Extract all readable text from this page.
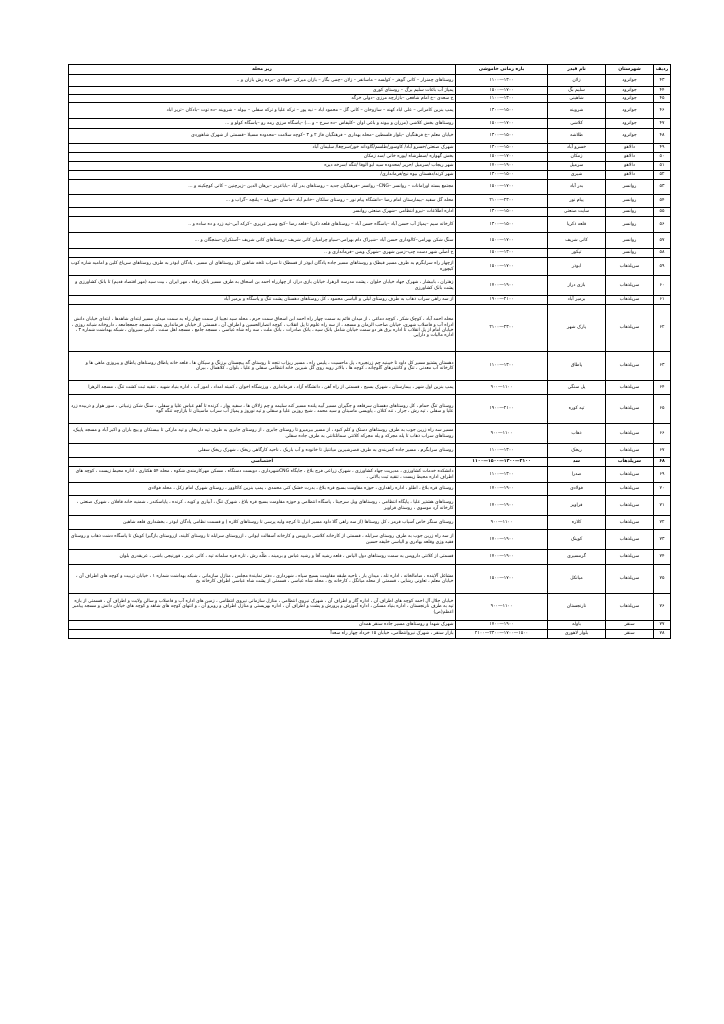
ردیف	شهرستان	نام فیدر	بازه زمانی خاموشی	زیر محله
۴۳	جوانرود	زلان	۱۳۰۰—۱۱۰۰	روستاهای چمنزار – کانی گوهر – کولسه – ماسانفر – زلان –چمی بگار – بازان میرکی –فولادی –برده رش بازان و ..
۴۴	جوانرود	سلیم بگ	۱۷۰۰—۱۵۰۰	پمپاژ آب باغات سلیم برگ – روستای کوری
۴۵	جوانرود	شاهینی	۱۳۰۰—۱۱۰۰	خ سعدی –خ امام شافعی –بازارچه مرزی –دولی خرگه
۴۶	جوانرود	شروینه	۱۵۰۰—۱۳۰۰	پمپ بنزین کامرانی – علی اباد کهنه – سازوخان – کانی گل – محمود اباد – نیه پور – ترکه علیا و ترکه سفلی – بیوله – شروینه –ده توت –بادکان –تزیز اباد
۴۷	جوانرود	کلاشی	۱۷۰۰—۱۵۰۰	روستاهای بخش کلاشی (مزران و بیوند و باغی اوان –کلیفاس –ده سرخ – و ...) –پاسگاه مرزی رمه رو –پاسگاه کولو و ...
۴۸	جوانرود	طلاشه	۱۵۰۰—۱۳۰۰	خیابان معلم –خ فرهنگیان –بلوار فلسطین –محله بهداری – فرهنگیان فاز ۲ و ۳ –کوچه سلامت –محدوده مسیلا –قسمتی از شهرک شاهوردی
۴۹	دالاهو	خسرو آباد	۱۵۰۰—۱۳۰۰	شهرک صنعتی/خسرو آباد/ کاوسور/طلسم/گاودانه خور/سرچغا/ سلیمان آباد
۵۰	دالاهو	زمکان	۱۷۰۰—۱۵۰۰	بخش گهواره /سطرشاه /پوره خانی /سد زمکان
۵۱	دالاهو	سرمیل	۱۹۰۰—۱۷۰۰	شهر ریجاب /سرمیل /حریر /محدوده سید ابو الوفا /تنگه /سرخه دیزه
۵۲	دالاهو	شیری	۱۵۰۰—۱۳۰۰	شهر کرند/دهستان بیوه نیج/فرمانداری/
۵۳	روانسر	بدر آباد	۱۷۰۰—۱۵۰۰	مجتمع بسته اورامانات – روانسر –CNG– روانسر –فرهنگیان جدید – روستاهای بدر آباد –باباعزیز –برهان الدین –زیرچنین – کانی کوچکینه و ...
۵۴	روانسر	پیام نور	۲۳۰۰—۲۱۰۰	محله گل سفید –بیمارستان امام رضا –دانشگاه پیام نور – روستای سلکان –خانم آباد –ماسان –قوریله – پلنچه –گراب و ...
۵۵	روانسر	سایت صنعتی	۱۵۰۰—۱۳۰۰	اداره اطلاعات –نیرو انتظامی –شهرک صنعتی روانسر
۵۶	روانسر	قلعه ذکریا	۱۵۰۰—۱۳۰۰	کارخانه سیم –پمپاژ آب حسن آباد –پاسگاه حسن آباد – روستاهای قلعه ذکریا –قلعه رضا –کیچ وسیر عزیزی –کرکه آبی–تپه زرد و ده ساده و ..
۵۷	روانسر	کانی شریف	۱۷۰۰—۱۵۰۰	سنگ شکن بهرامی–کالوداری حسن آباد –شیراک دام بهرامی–سیاو چرامیان کانی شریف –روستاهای کانی شریف –آستکران–سنجگان و ...
۵۸	روانسر	تیکور	۱۳۰۰—۱۵۰۰	خ اصلی شهر دست چپ–زمین شهری –شهرک ویس –فرمانداری و ..
۵۹	سرپلذهاب	ابوذر	۱۷۰۰—۱۵۰۰	ازچهار راه سرابگرم به طرف مسیر قبطک و روستاهای مسیر جاده پادگان ابوذر از قسطک تا سراب تلخه شاهین کل روستاهای ان مسیر ، پادگان ابوذر به طرف روستاهای سرپاع کلین و امامیه شاره کوب کیچوره
۶۰	سرپلذهاب	بازی دراز	۱۹۰۰—۱۷۰۰	زهتران ، بابیشار ، شهرک جهاد خیابان حلوان ، پشت مدرسه الزهرا، خیابان بازی دراز، از چهارراه احمد بن اسحاق به طرف مسیر بانک رفاه ، مهر ایران ، بیت سید (مهر اقتصاد قدیم) تا بانک کشاورزی و پشت بانک کشاورزی
۶۱	سرپلذهاب	بزمیر آباد	۲۱۰۰—۱۹۰۰	از سه راهی سراب ذهاب به طرف روستای لیلی و الیاسی محمود ، کل روستاهای دهستان پشت تنگ و پاسگاه و بزمیر آباد
۶۲	سرپلذهاب	پارک شهر	۲۳۰۰—۲۱۰۰	محله احمد آباد ، کوچک شکر ، کوچه دماغی ، از میدان قائم به سمت چهار راه احمد ابن اسحاق سمت حرم ، محله سید نجیبا از سمت چهار راه به سمت میدان مسیر ابتدای شاهدها ، ابتدای خیابان دانش ادراه آب و فاضلاب شهری، خیابان صاحب الزمان و مسجد ، از سه راه علوم تا پل انقلاب ، کوچه انصارالحسین و اطراف آن ، قسمتی از خیابان فرمانداری پشت مسجد جمعجامعه ، داروخانه شبانه روزی ، خیابان امام از پل انقلاب تا اداره برق هر دو سمت خیابان شامل بانک سپه ، بانک صادرات ، بانک ملت ، سه راه شاه عباسی ، مسجد جامع ، مسجد اهل سنت ، کبابی سیروان ، شبکه بهداشت شماره ۳ ، اداره مالیات و دارایی
۶۳	سرپلذهاب	پاطاق	۱۳۰۰—۱۱۰۰	دهستان پشتیو مسیر کل داود تا خیبنیه چم زرنجیره ، پل ماحسیت ، پلیس راه ، مسیر ریژاب تنجه تا روستای گه پیچستان برزنگ و سیکان ها ، قلعه خانه پاطاق روستاهای پاطاق و پیروزی ماهی ها و کارخانه آب معدنی ، تنگ و کانتینرهای گلوچانه ، کوچه ها ، بالاتر روبه روی گل شیرین خانه انتظامی سفلی و علیا ، بلوان ، کلاهمال ، بیران
۶۴	سرپلذهاب	پل سنگی	۱۱۰۰—۹۰۰	پمپ بنزین اول شهر ، بیمارستان ، شهرک بسیج ، قسمتی از راه آهن ، دانشگاه آزاد ، فرمانداری ، ورزشگاه اخوان ، کمیته امداد ، امور آب ، اداره بنیاد شهید ، تنقیه ثبت کشت تنگ ، مسجد الزهرا
۶۵	سرپلذهاب	تپه کوره	۲۱۰۰—۱۹۰۰	روستای تنگ حمام ، کل روستاهای دهستان سرقلعه و جگیران مسیر آبیه پلنده مسیر کنه سلیمه و چم زلالان ها ، سفید پوار ، کرنده تا آهم عباس علیا و سفلی ، سنگ شکن زنبیاتی ، سور هوار و ذربیده زرد علیا و سفلی ، تپه رش ، جرار ، تنه کنلان ، پاویسی ماسیتان و سید محمد ، شیخ روزبن علیا و سفلی و تپه نوروز و پمپاژ آب سراب ماسیتان تا بازارچه تنگه گوه
۶۶	سرپلذهاب	ذهاب	۱۱۰۰—۹۰۰	مسیر سه راه زرین جوب به طرف روستاهای دستک و کلم کبود ، از مسیر بیرمیرو تا روستای جابری ، از روستای جابری به طرف تپه داریخان و تپه مارکی تا بیستکان و پیچ باران و اکبر آباد و مسجد پاپیک، روستاهای سراب ذهاب تا پله مجرکه و پله مجرکه کلانتی سمانلتانتی به طرف جاده سفلی
۶۷	سرپلذهاب	ریخک	۱۳۰۰—۱۱۰۰	روستای سرابگرم ، مسیر جاده کمربندی به طرف قصرشیرین میانتیل تا خانوده و آب باریک ، ناحیه کارگاهی ریخک ، شهرک ریخک سفلی
۶۸	سرپلذهاب	سد	۲۱۰۰—۱۳۰۰—۱۵۰۰—۱۱۰۰	اختصاصی
۶۹	سرپلذهاب	صدرا	۱۳۰۰—۱۱۰۰	دانشکده خدمات کشاورزی ، مدیریت جهاد کشاورزی ، شهرک زراعی فرج بلاغ ، جایگاه CNGشهرداری ، دوبست دستگاه ، مسکن مهرکارمندی شکوه ، محله ۵۴ هکتاری ، اداره محیط زیست ، کوچه های اطراف اداره محیط زیست ، تنقیه ثبت بالانی ،
۷۰	سرپلذهاب	فولادی	۱۹۰۰—۱۷۰۰	روستای قره بلاغ ، اطلو ، اداره راهداری ، حوزه مقاومت بسیج قره بلاغ ، بدرت خشک کنی محمدی ، پمپ بنزین کاکاوور ، روستای شهرک امام زکل ، محله فولادی
۷۱	سرپلذهاب	قراویز	۱۹۰۰—۱۷۰۰	روستاهای هشتپر علیا ، پایگاه انتظامی ، روستاهای ویل سرجیتا ، پاسگاه انتظامی و حوزه مقاومت بسیج قره بلاغ ، شهرک تنگ ، آبیاری و کوبه ، کرنده ، پاپاسکندر ، شمنیه خانه قافلان ، شهرک صنعتی ، کارخانه آرد موسوی ، روستای قراویز
۷۲	سرپلذهاب	کلاره	۱۱۰۰—۹۰۰	روستای سنگر خاص آسیاب قرمز ، کل روستاها (از سه راهی گلا داود مسیر انزل تا کرچه ولیه پرسی تا روستاهای کلاره ) و قسمت نظامی پادگان ابوذر ، بخشداری قلعه شاهین
۷۳	سرپلذهاب	کوینک	۱۹۰۰—۱۷۰۰	از سه راه زرین جوب به طرف روستای سرابله ، قسمتی از کارخانه کلاشی داروپس و کارخانه آسفالت ایوانی ، ازروستای سرابله تا روستای کلینه، ازروستای بازگیرا کوینک تا پاسگاه دشت ذهاب و روستای فقیه وزی وقلعه بهادری و الیاسی خلیفه حسین
۷۴	سرپلذهاب	گرمسیری	۱۹۰۰—۱۷۰۰	قسمتی از کلانتی داروپس به سمت روستاهای دول الیاس ، قلعه رشید آقا و رشید عباس و برمینه ، طلّه رش ، تاره قره سلمانه تپه ، کانی عزیز ، قورنیجی باشی ، عربقدری بلوان
۷۵	سرپلذهاب	میانکل	۱۷۰۰—۱۵۰۰	مشاغل آلاینده ، ضامالخانه ، اداره تله ، میدان بار ، ناحیه طبقه مقاومت بسیج سپاه ، شهرداری ، دفتر نمایندة مجلس ، منازل سازمانی ، شبکه بهداشت شماره ۱ ، خیابان تربیت و کوچه های اطراف آن ، خیابان معلم ، تعاونی رشایی ، قسمتی از محله میانگل ، کارخانه یخ ، محله شاه عباسی ، قسمتی از پشت شاه عباسی اطراف کارخانه یخ
۷۶	سرپلذهاب	نارنجستان	۱۱۰۰—۹۰۰	خیابان جلال آل احمد کوچه های اطراف آن ، اداره گاز و اطراف آن ، شهرک نیروی انتظامی ، منازل سازمانی نیروی انتظامی ، زمین های اداره آب و فاضلاب و سالن ولایت و اطراف آن ، قسمتی از بازه تپه به طرف نارنجستان ، اداره بنیاد مسکن ، اداره آموزش و پرورش و پشت و اطراف آن ، اداره بهزیستی و منازل اطراف و روبرو آن ، و انتهای کوچه های شاهد و کوچه های خیابان دانش و مسجد پیامبر اعظم(ص)
۷۷	سنقر	باوله	۱۹۰۰—۱۷۰۰	شهرک شهدا و روستاهای مسیر جاده سنقر همدان
۷۸	سنقر	بلوار لاهوری	۱۵۰۰—۱۷۰۰—۲۳۰۰—۲۱۰۰	بازار سنقر ، شهرک نیروانتظامی، خیابان ۱۵ خرداد چهار راه سعدآ
